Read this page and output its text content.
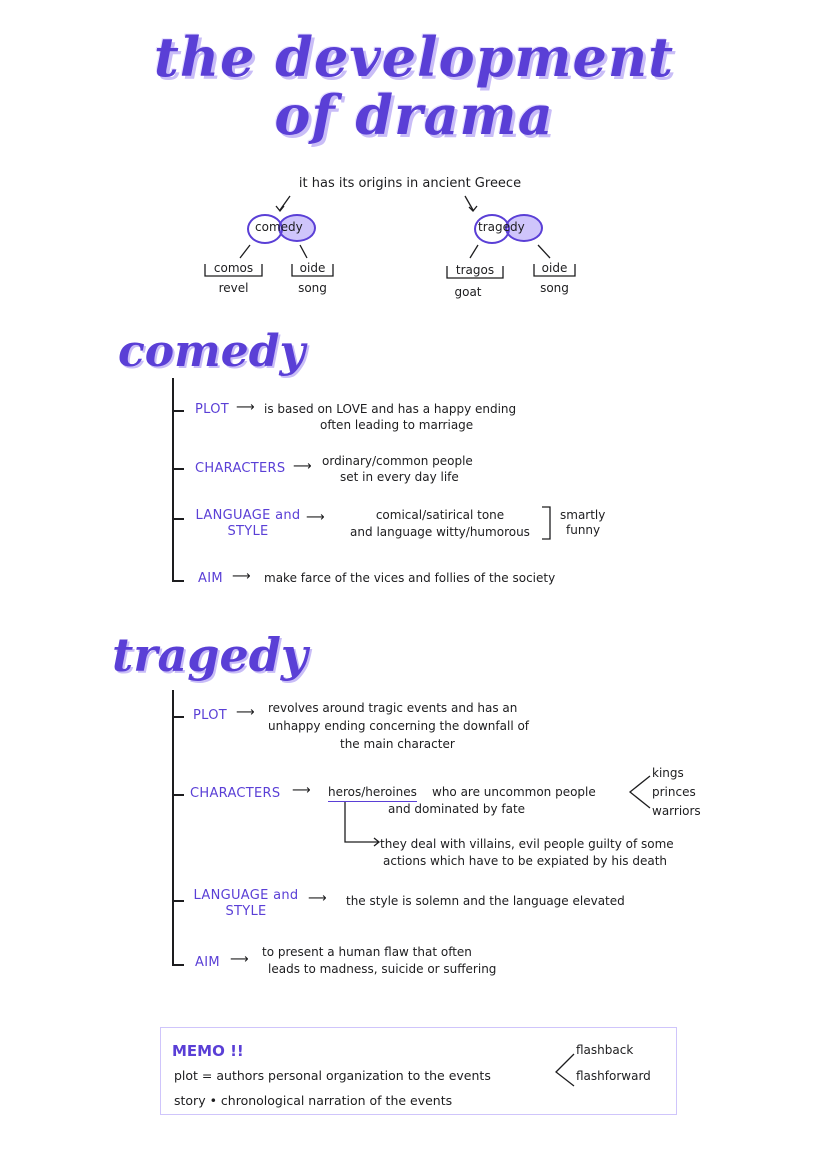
the development
of drama
it has its origins in ancient Greece
comedy	tragedy
comos
revel
oide
song
tragos
goat
oide
song
comedy
PLOT ⟶ is based on LOVE and has a happy ending
often leading to marriage
CHARACTERS ⟶ ordinary/common people
set in every day life
LANGUAGE and
STYLE
⟶	comical/satirical tone
and language witty/humorous
smartly
funny
AIM ⟶ make farce of the vices and follies of the society
tragedy
PLOT ⟶ revolves around tragic events and has an
unhappy ending concerning the downfall of
the main character
CHARACTERS ⟶ heros/heroines who are uncommon people
and dominated by fate
kings
princes
warriors
they deal with villains, evil people guilty of some
actions which have to be expiated by his death
LANGUAGE and
STYLE
⟶ the style is solemn and the language elevated
AIM ⟶ to present a human flaw that often
leads to madness, suicide or suffering
MEMO !!
plot = authors personal organization to the events
story • chronological narration of the events
flashback
flashforward
